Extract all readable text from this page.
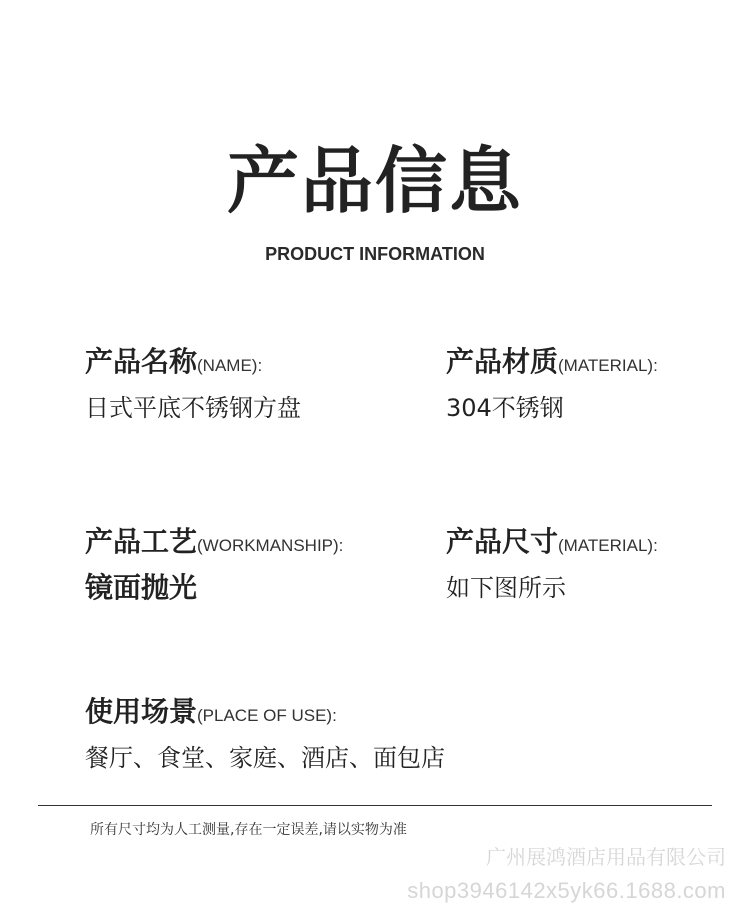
产品信息
PRODUCT INFORMATION
产品名称(NAME):
日式平底不锈钢方盘
产品材质(MATERIAL):
304不锈钢
产品工艺(WORKMANSHIP):
镜面抛光
产品尺寸(MATERIAL):
如下图所示
使用场景(PLACE OF USE):
餐厅、食堂、家庭、酒店、面包店
所有尺寸均为人工测量,存在一定误差,请以实物为准
广州展鸿酒店用品有限公司
shop3946142x5yk66.1688.com
